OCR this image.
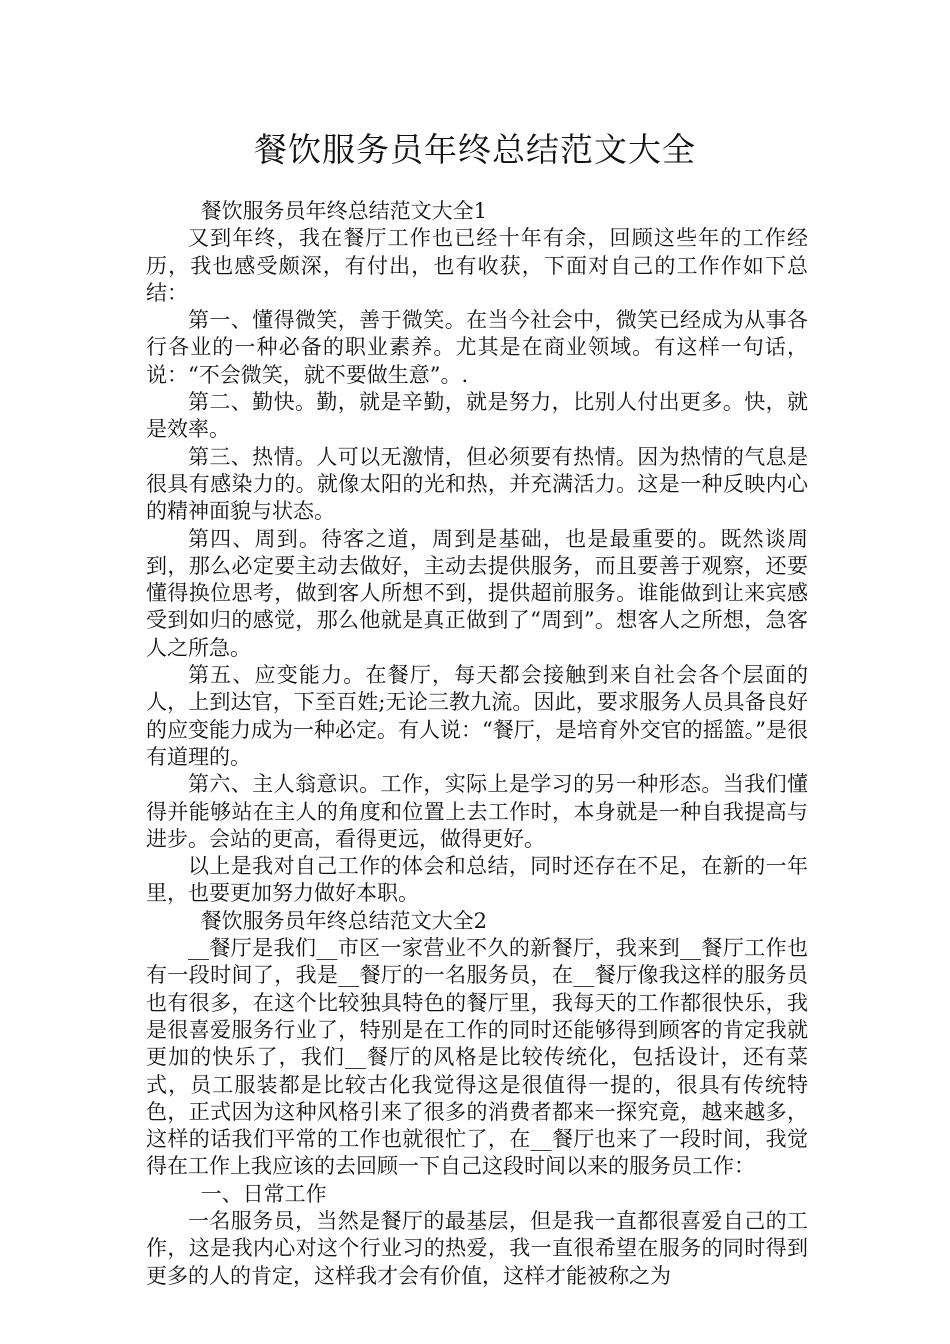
餐饮服务员年终总结范文大全

餐饮服务员年终总结范文大全1

又到年终，我在餐厅工作也已经十年有余，回顾这些年的工作经历，我也感受颇深，有付出，也有收获，下面对自己的工作作如下总结：

第一、懂得微笑，善于微笑。在当今社会中，微笑已经成为从事各行各业的一种必备的职业素养。尤其是在商业领域。有这样一句话，说：“不会微笑，就不要做生意”。.

第二、勤快。勤，就是辛勤，就是努力，比别人付出更多。快，就是效率。

第三、热情。人可以无激情，但必须要有热情。因为热情的气息是很具有感染力的。就像太阳的光和热，并充满活力。这是一种反映内心的精神面貌与状态。

第四、周到。待客之道，周到是基础，也是最重要的。既然谈周到，那么必定要主动去做好，主动去提供服务，而且要善于观察，还要懂得换位思考，做到客人所想不到，提供超前服务。谁能做到让来宾感受到如归的感觉，那么他就是真正做到了“周到”。想客人之所想，急客人之所急。

第五、应变能力。在餐厅，每天都会接触到来自社会各个层面的人，上到达官，下至百姓;无论三教九流。因此，要求服务人员具备良好的应变能力成为一种必定。有人说：“餐厅，是培育外交官的摇篮。”是很有道理的。

第六、主人翁意识。工作，实际上是学习的另一种形态。当我们懂得并能够站在主人的角度和位置上去工作时，本身就是一种自我提高与进步。会站的更高，看得更远，做得更好。

以上是我对自己工作的体会和总结，同时还存在不足，在新的一年里，也要更加努力做好本职。

餐饮服务员年终总结范文大全2

__餐厅是我们__市区一家营业不久的新餐厅，我来到__餐厅工作也有一段时间了，我是__餐厅的一名服务员，在__餐厅像我这样的服务员也有很多，在这个比较独具特色的餐厅里，我每天的工作都很快乐，我是很喜爱服务行业了，特别是在工作的同时还能够得到顾客的肯定我就更加的快乐了，我们__餐厅的风格是比较传统化，包括设计，还有菜式，员工服装都是比较古化我觉得这是很值得一提的，很具有传统特色，正式因为这种风格引来了很多的消费者都来一探究竟，越来越多，这样的话我们平常的工作也就很忙了，在__餐厅也来了一段时间，我觉得在工作上我应该的去回顾一下自己这段时间以来的服务员工作：

一、日常工作

一名服务员，当然是餐厅的最基层，但是我一直都很喜爱自己的工作，这是我内心对这个行业习的热爱，我一直很希望在服务的同时得到更多的人的肯定，这样我才会有价值，这样才能被称之为
